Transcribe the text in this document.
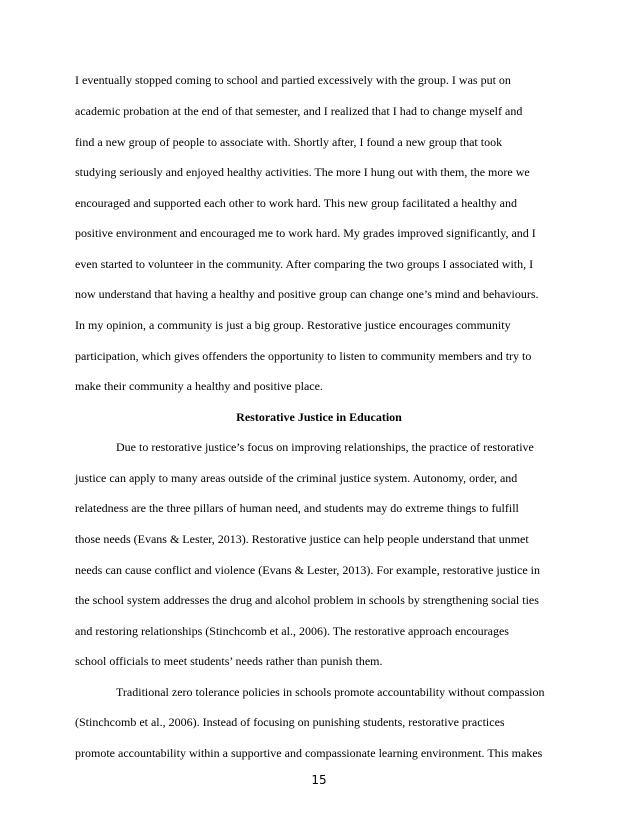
I eventually stopped coming to school and partied excessively with the group. I was put on
academic probation at the end of that semester, and I realized that I had to change myself and
find a new group of people to associate with. Shortly after, I found a new group that took
studying seriously and enjoyed healthy activities. The more I hung out with them, the more we
encouraged and supported each other to work hard. This new group facilitated a healthy and
positive environment and encouraged me to work hard. My grades improved significantly, and I
even started to volunteer in the community. After comparing the two groups I associated with, I
now understand that having a healthy and positive group can change one’s mind and behaviours.
In my opinion, a community is just a big group. Restorative justice encourages community
participation, which gives offenders the opportunity to listen to community members and try to
make their community a healthy and positive place.
Restorative Justice in Education
Due to restorative justice’s focus on improving relationships, the practice of restorative
justice can apply to many areas outside of the criminal justice system. Autonomy, order, and
relatedness are the three pillars of human need, and students may do extreme things to fulfill
those needs (Evans & Lester, 2013). Restorative justice can help people understand that unmet
needs can cause conflict and violence (Evans & Lester, 2013). For example, restorative justice in
the school system addresses the drug and alcohol problem in schools by strengthening social ties
and restoring relationships (Stinchcomb et al., 2006). The restorative approach encourages
school officials to meet students’ needs rather than punish them.
Traditional zero tolerance policies in schools promote accountability without compassion
(Stinchcomb et al., 2006). Instead of focusing on punishing students, restorative practices
promote accountability within a supportive and compassionate learning environment. This makes
15
